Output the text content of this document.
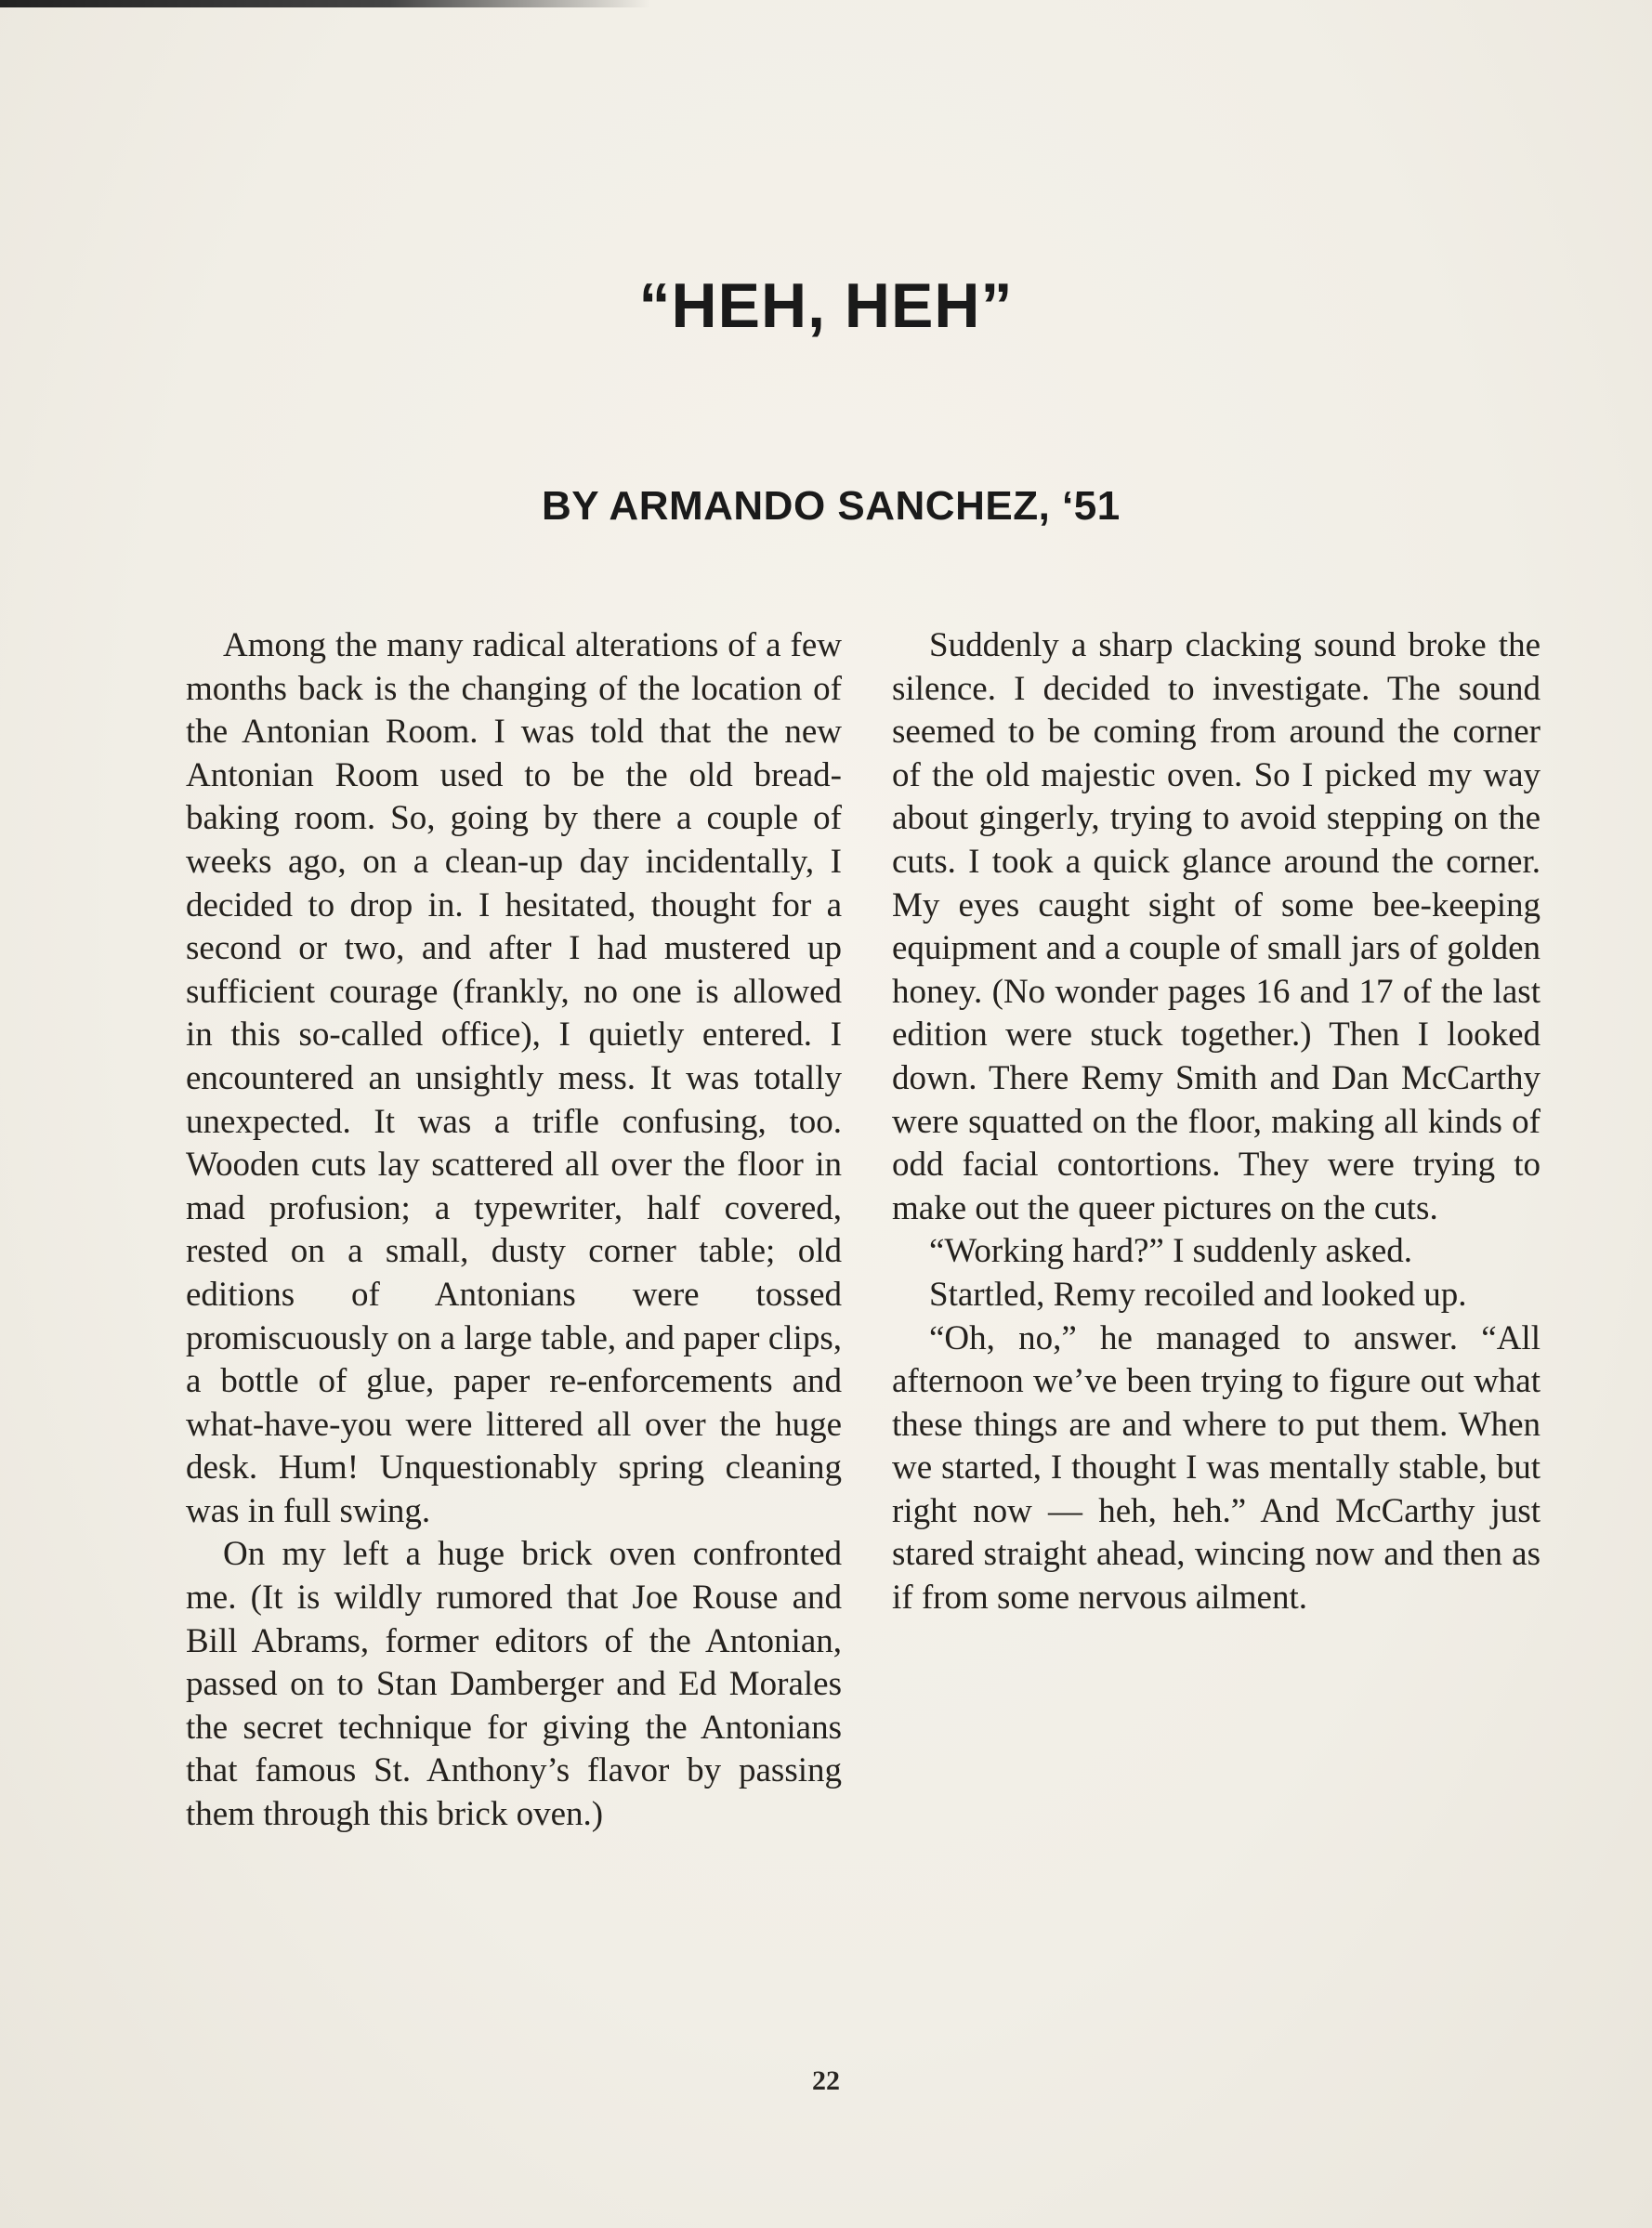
“HEH, HEH”
BY ARMANDO SANCHEZ, ‘51

Among the many radical alterations of a few months back is the changing of the location of the Antonian Room. I was told that the new Antonian Room used to be the old bread-baking room. So, going by there a couple of weeks ago, on a clean-up day incidentally, I decided to drop in. I hesitated, thought for a second or two, and after I had mustered up sufficient courage (frankly, no one is allowed in this so-called office), I quietly entered. I encountered an unsightly mess. It was totally unexpected. It was a trifle confusing, too. Wooden cuts lay scattered all over the floor in mad profusion; a typewriter, half covered, rested on a small, dusty corner table; old editions of Antonians were tossed promiscuously on a large table, and paper clips, a bottle of glue, paper re-enforcements and what-have-you were littered all over the huge desk. Hum! Unquestionably spring cleaning was in full swing.

On my left a huge brick oven confronted me. (It is wildly rumored that Joe Rouse and Bill Abrams, former editors of the Antonian, passed on to Stan Damberger and Ed Morales the secret technique for giving the Antonians that famous St. Anthony’s flavor by passing them through this brick oven.)

Suddenly a sharp clacking sound broke the silence. I decided to investigate. The sound seemed to be coming from around the corner of the old majestic oven. So I picked my way about gingerly, trying to avoid stepping on the cuts. I took a quick glance around the corner. My eyes caught sight of some bee-keeping equipment and a couple of small jars of golden honey. (No wonder pages 16 and 17 of the last edition were stuck together.) Then I looked down. There Remy Smith and Dan McCarthy were squatted on the floor, making all kinds of odd facial contortions. They were trying to make out the queer pictures on the cuts.

“Working hard?” I suddenly asked.

Startled, Remy recoiled and looked up.

“Oh, no,” he managed to answer. “All afternoon we’ve been trying to figure out what these things are and where to put them. When we started, I thought I was mentally stable, but right now — heh, heh.” And McCarthy just stared straight ahead, wincing now and then as if from some nervous ailment.

22
